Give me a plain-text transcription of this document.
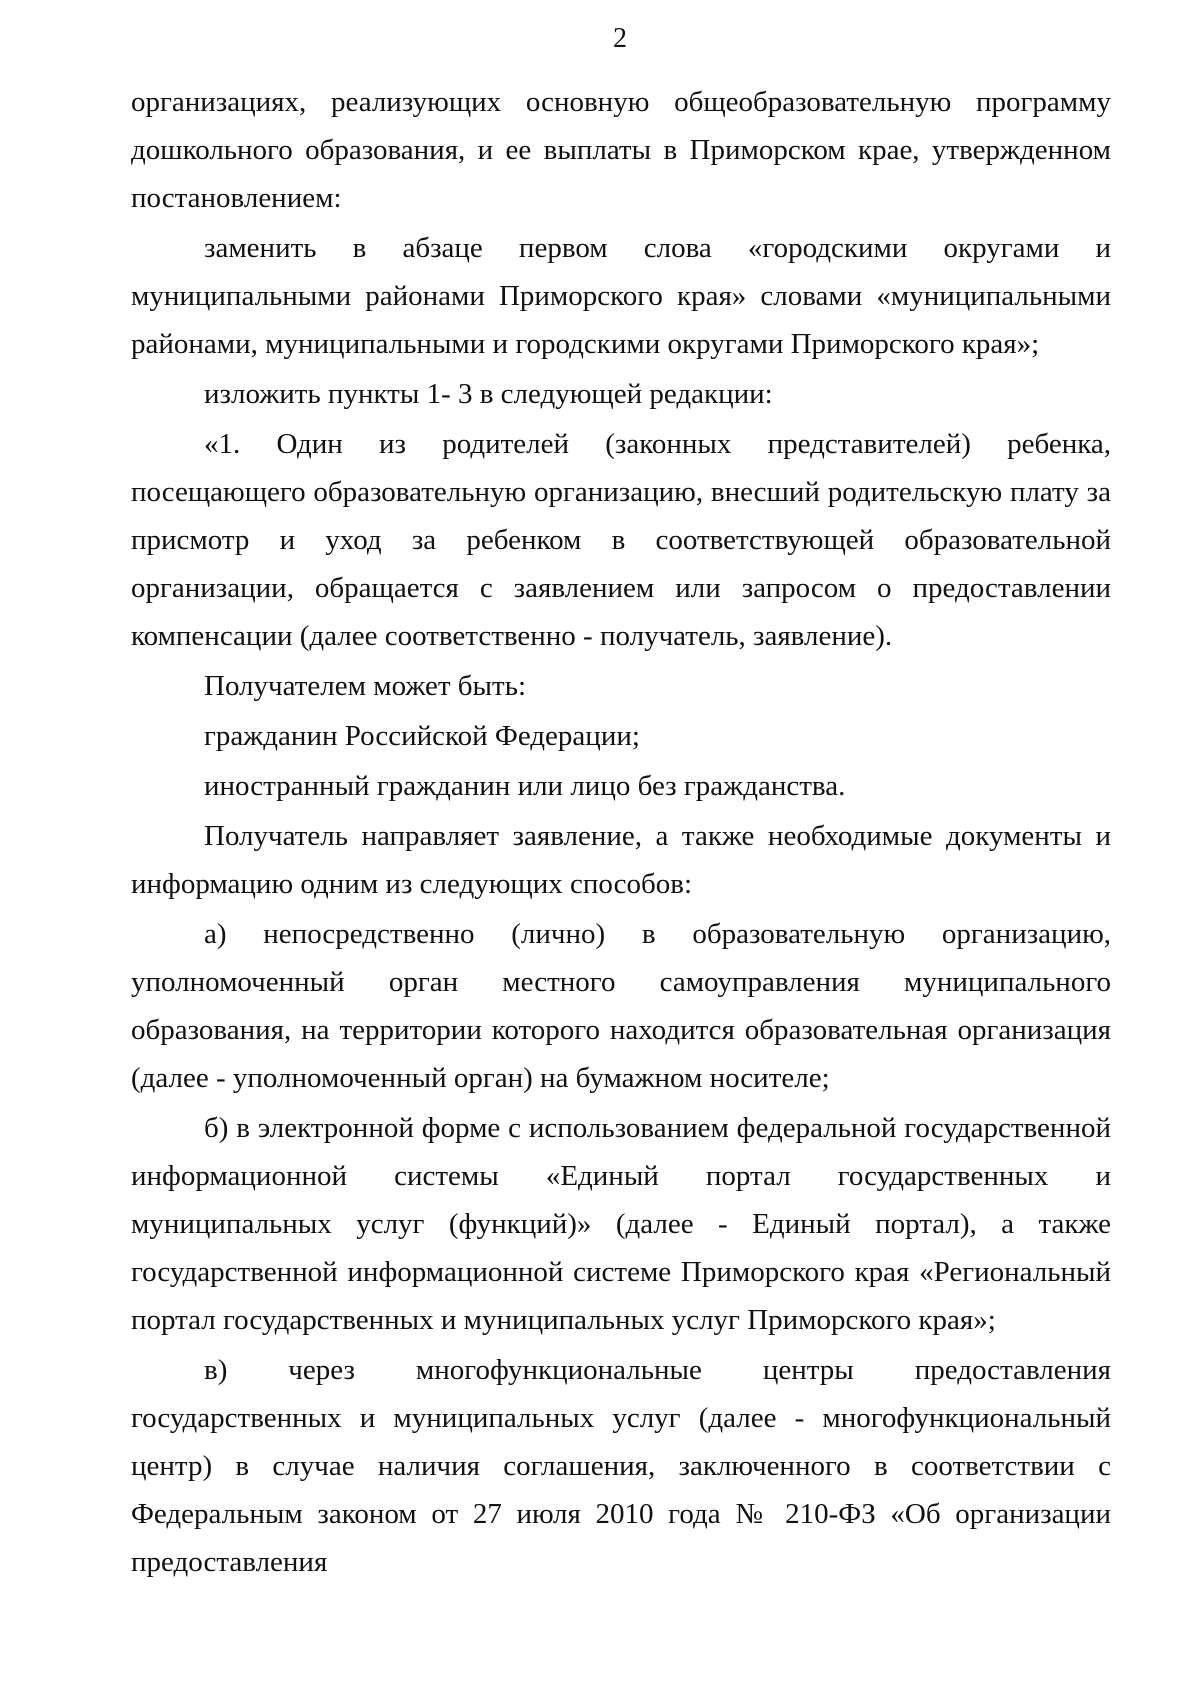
2

организациях, реализующих основную общеобразовательную программу дошкольного образования, и ее выплаты в Приморском крае, утвержденном постановлением:

заменить в абзаце первом слова «городскими округами и муниципальными районами Приморского края» словами «муниципальными районами, муниципальными и городскими округами Приморского края»;

изложить пункты 1- 3 в следующей редакции:

«1. Один из родителей (законных представителей) ребенка, посещающего образовательную организацию, внесший родительскую плату за присмотр и уход за ребенком в соответствующей образовательной организации, обращается с заявлением или запросом о предоставлении компенсации (далее соответственно - получатель, заявление).

Получателем может быть:

гражданин Российской Федерации;

иностранный гражданин или лицо без гражданства.

Получатель направляет заявление, а также необходимые документы и информацию одним из следующих способов:

а) непосредственно (лично) в образовательную организацию, уполномоченный орган местного самоуправления муниципального образования, на территории которого находится образовательная организация (далее - уполномоченный орган) на бумажном носителе;

б) в электронной форме с использованием федеральной государственной информационной системы «Единый портал государственных и муниципальных услуг (функций)» (далее - Единый портал), а также государственной информационной системе Приморского края «Региональный портал государственных и муниципальных услуг Приморского края»;

в) через многофункциональные центры предоставления государственных и муниципальных услуг (далее - многофункциональный центр) в случае наличия соглашения, заключенного в соответствии с Федеральным законом от 27 июля 2010 года № 210-ФЗ «Об организации предоставления
